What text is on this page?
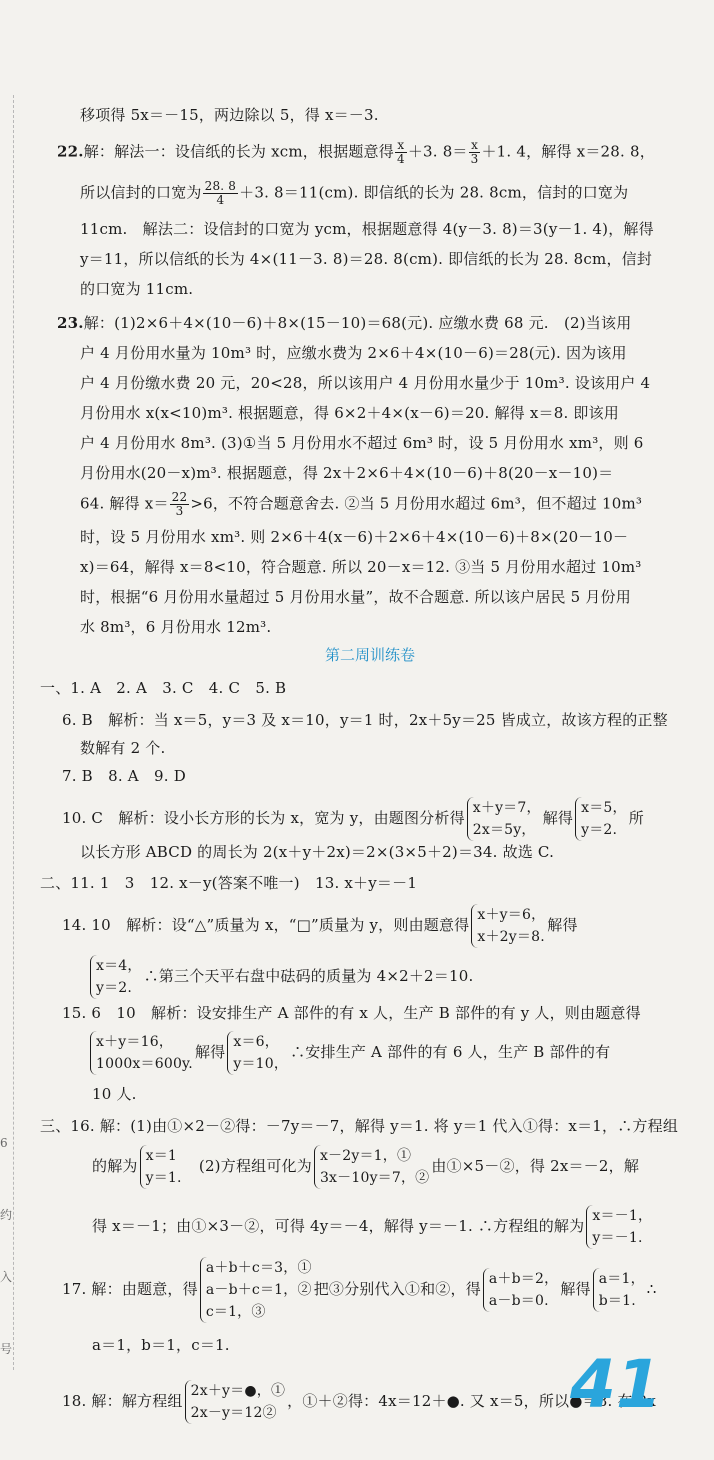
6
约
入
号
移项得 5x＝－15，两边除以 5，得 x＝－3.
22.解：解法一：设信纸的长为 xcm，根据题意得 $\frac{x}{4} +3$. $8= \frac{x}{3} +1$. 4，解得 x＝28. 8，
所以信封的口宽为 $\frac{28. 8}{4} +3$. 8＝11(cm). 即信纸的长为 28. 8cm，信封的口宽为
11cm.　解法二：设信封的口宽为 ycm，根据题意得 4(y－3. 8)＝3(y－1. 4)，解得
y＝11，所以信纸的长为 4×(11－3. 8)＝28. 8(cm). 即信纸的长为 28. 8cm，信封
的口宽为 11cm.
23.解：(1)2×6＋4×(10－6)＋8×(15－10)＝68(元). 应缴水费 68 元.　(2)当该用
户 4 月份用水量为 10m³ 时，应缴水费为 2×6＋4×(10－6)＝28(元). 因为该用
户 4 月份缴水费 20 元，20<28，所以该用户 4 月份用水量少于 10m³. 设该用户 4
月份用水 x(x<10)m³. 根据题意，得 6×2＋4×(x－6)＝20. 解得 x＝8. 即该用
户 4 月份用水 8m³. (3)①当 5 月份用水不超过 6m³ 时，设 5 月份用水 xm³，则 6
月份用水(20－x)m³. 根据题意，得 2x＋2×6＋4×(10－6)＋8(20－x－10)＝
64. 解得 $x= \frac{22}{3} >6$，不符合题意舍去. ②当 5 月份用水超过 6m³，但不超过 10m³
时，设 5 月份用水 xm³. 则 2×6＋4(x－6)＋2×6＋4×(10－6)＋8×(20－10－
x)＝64，解得 x＝8<10，符合题意. 所以 20－x＝12. ③当 5 月份用水超过 10m³
时，根据“6 月份用水量超过 5 月份用水量”，故不合题意. 所以该户居民 5 月份用
水 8m³，6 月份用水 12m³.
第二周训练卷
一、1. A　2. A　3. C　4. C　5. B
6. B　解析：当 x＝5，y＝3 及 x＝10，y＝1 时，2x＋5y＝25 皆成立，故该方程的正整
数解有 2 个.
7. B　8. A　9. D
10. C　解析：设小长方形的长为 x，宽为 y，由题图分析得
x＋y＝7，
2x＝5y，
解得
x＝5，
y＝2.
所
以长方形 ABCD 的周长为 2(x＋y＋2x)＝2×(3×5＋2)＝34. 故选 C.
二、11. 1　3　12. x－y(答案不唯一)　13. x＋y＝－1
14. 10　解析：设“△”质量为 x，“□”质量为 y，则由题意得
x＋y＝6，
x＋2y＝8.
解得
x＝4，
y＝2.
∴第三个天平右盘中砝码的质量为 4×2＋2＝10.
15. 6　10　解析：设安排生产 A 部件的有 x 人，生产 B 部件的有 y 人，则由题意得
x＋y＝16，
1000x＝600y.
解得
x＝6，
y＝10，
∴安排生产 A 部件的有 6 人，生产 B 部件的有
10 人.
三、16. 解：(1)由①×2－②得：－7y＝－7，解得 y＝1. 将 y＝1 代入①得：x＝1，∴方程组
的解为
x＝1
y＝1.
　(2)方程组可化为
x－2y＝1，①
3x－10y＝7，②
由①×5－②，得 2x＝－2，解
得 x＝－1；由①×3－②，可得 4y＝－4，解得 y＝－1. ∴方程组的解为
x＝－1，
y＝－1.
17. 解：由题意，得
a＋b＋c＝3，①
a－b＋c＝1，②
c＝1，③
把③分别代入①和②，得
a＋b＝2，
a－b＝0.
解得
a＝1，
b＝1.
∴
a＝1，b＝1，c＝1.
18. 解：解方程组
2x＋y＝●，①
2x－y＝12②
，①＋②得：4x＝12＋●. 又 x＝5，所以●＝8. 在 2x
41
